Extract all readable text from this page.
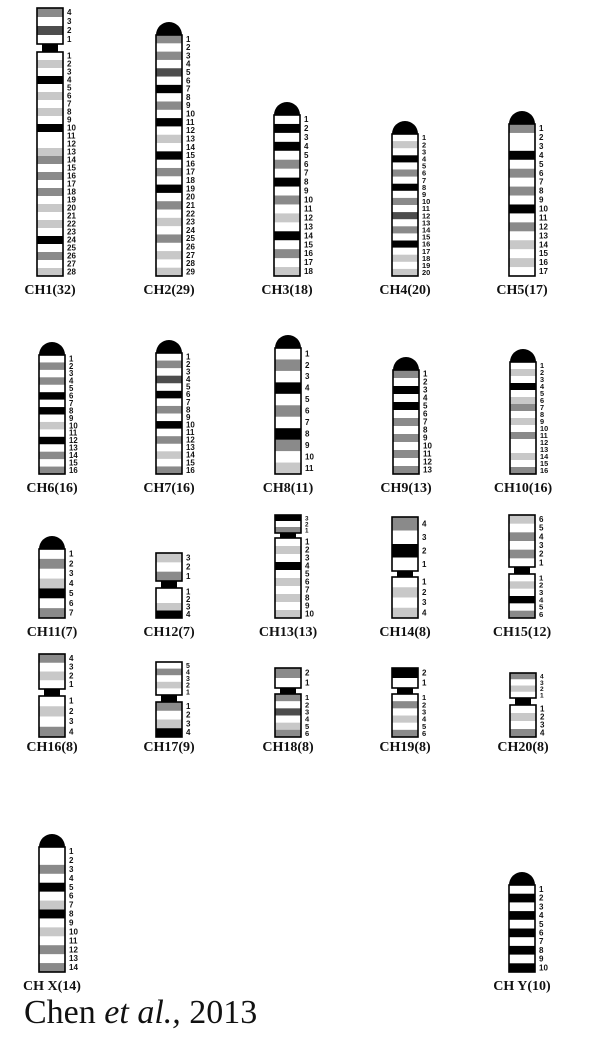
4
3
2
1
1
2
3
4
5
6
7
8
9
10
11
12
13
14
15
16
17
18
19
20
21
22
23
24
25
26
27
28
1
2
3
4
5
6
7
8
9
10
11
12
13
14
15
16
17
18
19
20
21
22
23
24
25
26
27
28
29
1
2
3
4
5
6
7
8
9
10
11
12
13
14
15
16
17
18
1
2
3
4
5
6
7
8
9
10
11
12
13
14
15
16
17
18
19
20
1
2
3
4
5
6
7
8
9
10
11
12
13
14
15
16
17
1
2
3
4
5
6
7
8
9
10
11
12
13
14
15
16
1
2
3
4
5
6
7
8
9
10
11
12
13
14
15
16
1
2
3
4
5
6
7
8
9
10
11
1
2
3
4
5
6
7
8
9
10
11
12
13
1
2
3
4
5
6
7
8
9
10
11
12
13
14
15
16
1
2
3
4
5
6
7
3
2
1
1
2
3
4
3
2
1
1
2
3
4
5
6
7
8
9
10
4
3
2
1
1
2
3
4
6
5
4
3
2
1
1
2
3
4
5
6
4
3
2
1
1
2
3
4
5
4
3
2
1
1
2
3
4
2
1
1
2
3
4
5
6
2
1
1
2
3
4
5
6
4
3
2
1
1
2
3
4
1
2
3
4
5
6
7
8
9
10
11
12
13
14
1
2
3
4
5
6
7
8
9
10
CH1(32)	CH2(29)	CH3(18)	CH4(20)	CH5(17)
CH6(16)	CH7(16)	CH8(11)	CH9(13)	CH10(16)
CH11(7)	CH12(7)	CH13(13)	CH14(8)	CH15(12)
CH16(8)	CH17(9)	CH18(8)	CH19(8)	CH20(8)
CH X(14)	CH Y(10)
Chen et al., 2013
